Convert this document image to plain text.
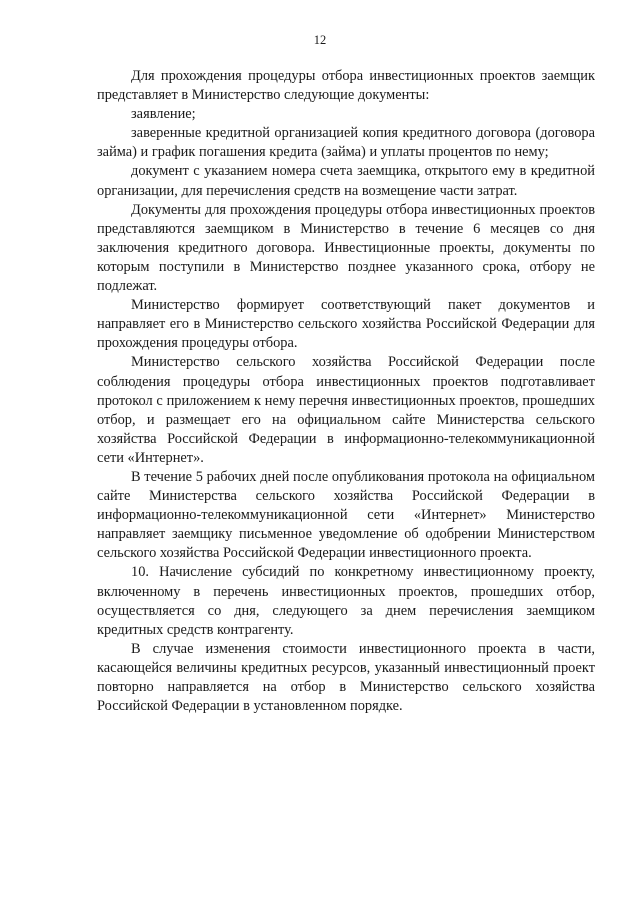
12

Для прохождения процедуры отбора инвестиционных проектов заемщик представляет в Министерство следующие документы:

заявление;

заверенные кредитной организацией копия кредитного договора (договора займа) и график погашения кредита (займа) и уплаты процентов по нему;

документ с указанием номера счета заемщика, открытого ему в кредитной организации, для перечисления средств на возмещение части затрат.

Документы для прохождения процедуры отбора инвестиционных проектов представляются заемщиком в Министерство в течение 6 месяцев со дня заключения кредитного договора. Инвестиционные проекты, документы по которым поступили в Министерство позднее указанного срока, отбору не подлежат.

Министерство формирует соответствующий пакет документов и направляет его в Министерство сельского хозяйства Российской Федерации для прохождения процедуры отбора.

Министерство сельского хозяйства Российской Федерации после соблюдения процедуры отбора инвестиционных проектов подготавливает протокол с приложением к нему перечня инвестиционных проектов, прошедших отбор, и размещает его на официальном сайте Министерства сельского хозяйства Российской Федерации в информационно-телекоммуникационной сети «Интернет».

В течение 5 рабочих дней после опубликования протокола на официальном сайте Министерства сельского хозяйства Российской Федерации в информационно-телекоммуникационной сети «Интернет» Министерство направляет заемщику письменное уведомление об одобрении Министерством сельского хозяйства Российской Федерации инвестиционного проекта.

10. Начисление субсидий по конкретному инвестиционному проекту, включенному в перечень инвестиционных проектов, прошедших отбор, осуществляется со дня, следующего за днем перечисления заемщиком кредитных средств контрагенту.

В случае изменения стоимости инвестиционного проекта в части, касающейся величины кредитных ресурсов, указанный инвестиционный проект повторно направляется на отбор в Министерство сельского хозяйства Российской Федерации в установленном порядке.
